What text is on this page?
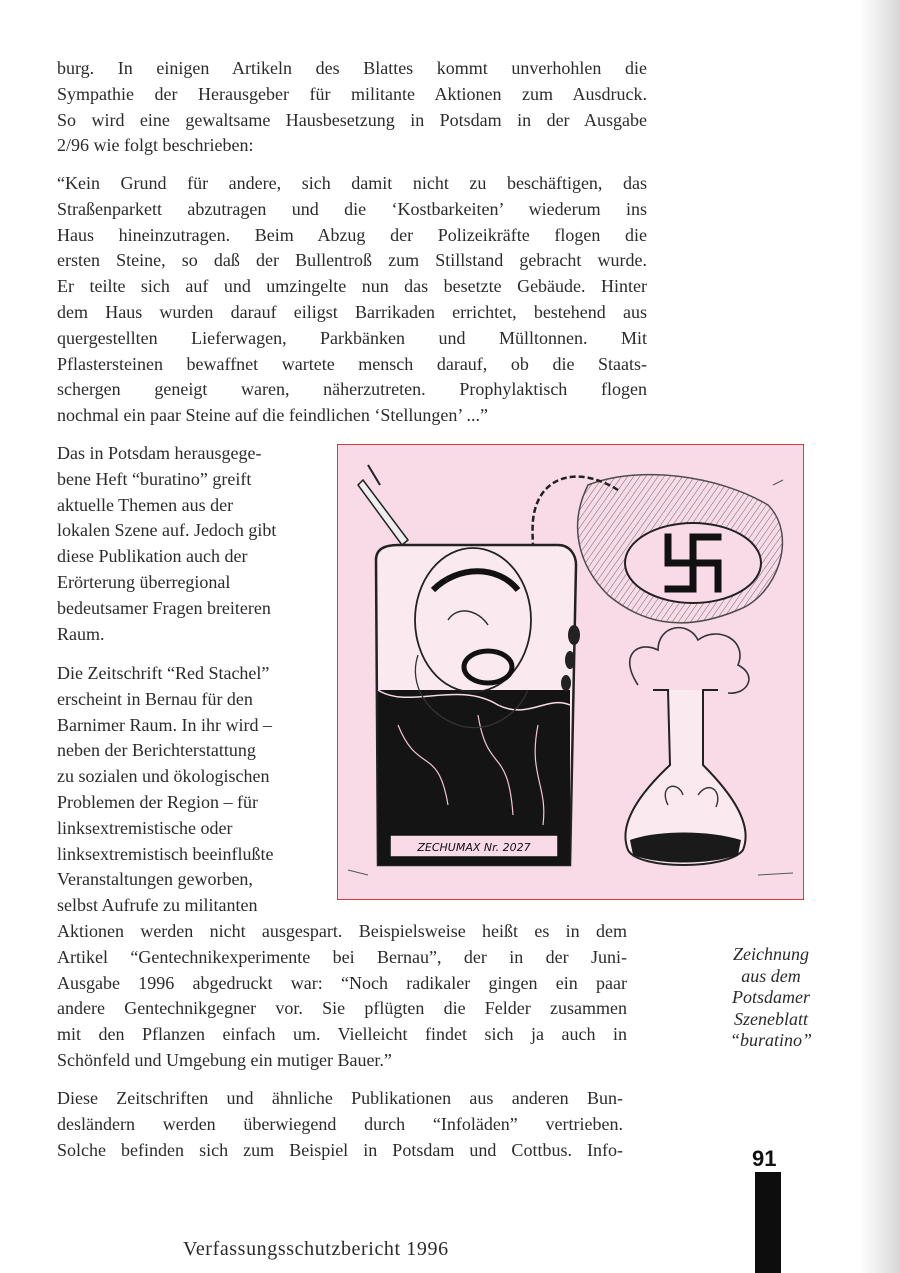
burg. In einigen Artikeln des Blattes kommt unverhohlen die
Sympathie der Herausgeber für militante Aktionen zum Ausdruck.
So wird eine gewaltsame Hausbesetzung in Potsdam in der Ausgabe
2/96 wie folgt beschrieben:
“Kein Grund für andere, sich damit nicht zu beschäftigen, das
Straßenparkett abzutragen und die ‘Kostbarkeiten’ wiederum ins
Haus hineinzutragen. Beim Abzug der Polizeikräfte flogen die
ersten Steine, so daß der Bullentroß zum Stillstand gebracht wurde.
Er teilte sich auf und umzingelte nun das besetzte Gebäude. Hinter
dem Haus wurden darauf eiligst Barrikaden errichtet, bestehend aus
quergestellten Lieferwagen, Parkbänken und Mülltonnen. Mit
Pflastersteinen bewaffnet wartete mensch darauf, ob die Staats-
schergen geneigt waren, näherzutreten. Prophylaktisch flogen
nochmal ein paar Steine auf die feindlichen ‘Stellungen’ ...”
Das in Potsdam herausgege-
bene Heft “buratino” greift
aktuelle Themen aus der
lokalen Szene auf. Jedoch gibt
diese Publikation auch der
Erörterung überregional
bedeutsamer Fragen breiteren
Raum.
Die Zeitschrift “Red Stachel”
erscheint in Bernau für den
Barnimer Raum. In ihr wird –
neben der Berichterstattung
zu sozialen und ökologischen
Problemen der Region – für
linksextremistische oder
linksextremistisch beeinflußte
Veranstaltungen geworben,
selbst Aufrufe zu militanten
Aktionen werden nicht ausgespart. Beispielsweise heißt es in dem
Artikel “Gentechnikexperimente bei Bernau”, der in der Juni-
Ausgabe 1996 abgedruckt war: “Noch radikaler gingen ein paar
andere Gentechnikgegner vor. Sie pflügten die Felder zusammen
mit den Pflanzen einfach um. Vielleicht findet sich ja auch in
Schönfeld und Umgebung ein mutiger Bauer.”
Diese Zeitschriften und ähnliche Publikationen aus anderen Bun-
desländern werden überwiegend durch “Infoläden” vertrieben.
Solche befinden sich zum Beispiel in Potsdam und Cottbus. Info-
ZECHUMAX Nr. 2027
Zeichnung
aus dem
Potsdamer
Szeneblatt
“buratino”
91
Verfassungsschutzbericht 1996
